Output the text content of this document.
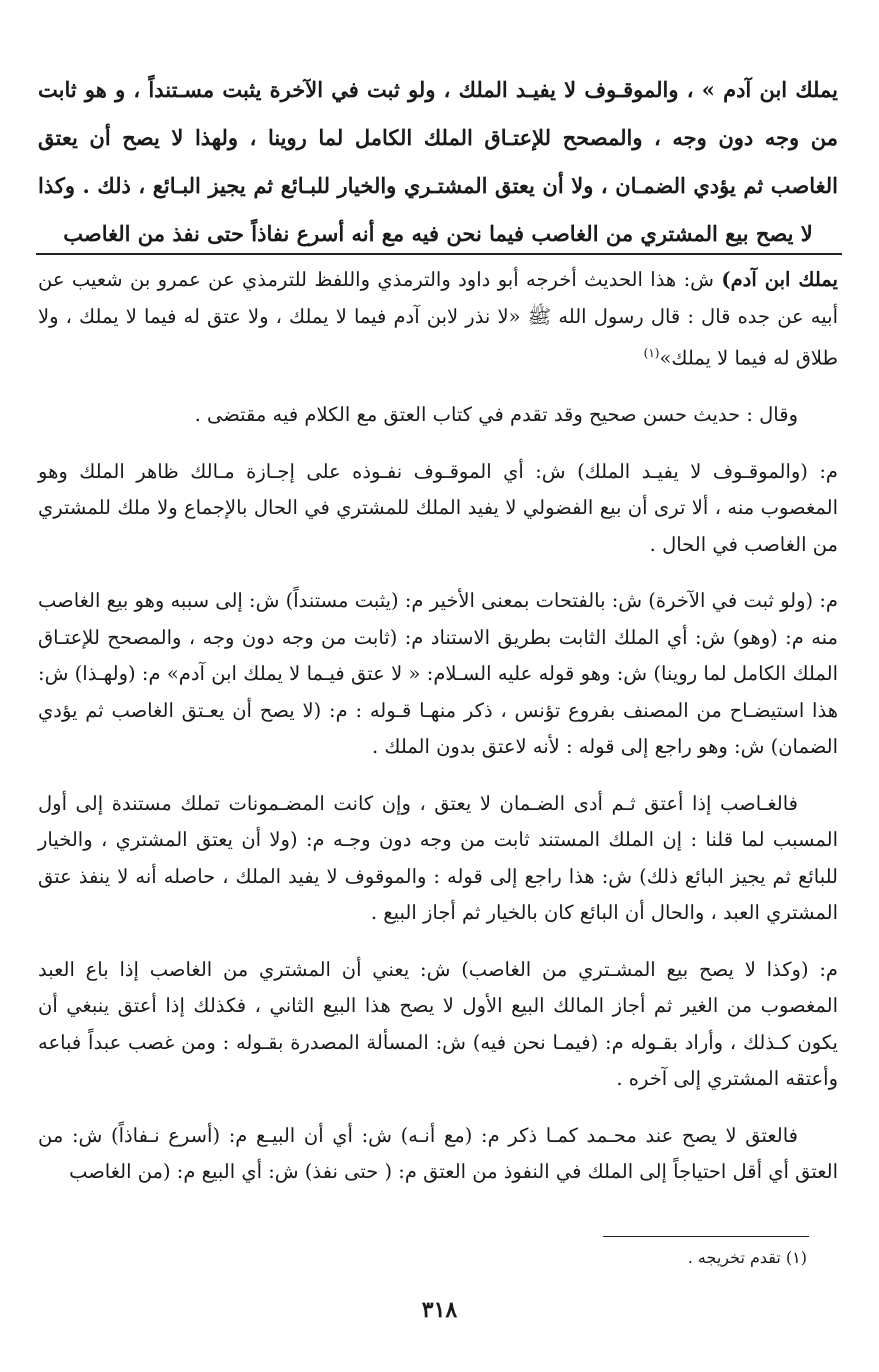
يملك ابن آدم » ، والموقـوف لا يفيـد الملك ، ولو ثبت في الآخرة يثبت مسـتنداً ، و هو ثابت من وجه دون وجه ، والمصحح للإعتـاق الملك الكامل لما روينا ، ولهذا لا يصح أن يعتق الغاصب ثم يؤدي الضمـان ، ولا أن يعتق المشتـري والخيار للبـائع ثم يجيز البـائع ، ذلك . وكذا لا يصح بيع المشتري من الغاصب فيما نحن فيه مع أنه أسرع نفاذاً حتى نفذ من الغاصب

يملك ابن آدم) ش: هذا الحديث أخرجه أبو داود والترمذي واللفظ للترمذي عن عمرو بن شعيب عن أبيه عن جده قال : قال رسول الله ﷺ «لا نذر لابن آدم فيما لا يملك ، ولا عتق له فيما لا يملك ، ولا طلاق له فيما لا يملك»$^{(١)}$

وقال : حديث حسن صحيح وقد تقدم في كتاب العتق مع الكلام فيه مقتضى .

م: (والموقـوف لا يفيـد الملك) ش: أي الموقـوف نفـوذه على إجـازة مـالك ظاهر الملك وهو المغصوب منه ، ألا ترى أن بيع الفضولي لا يفيد الملك للمشتري في الحال بالإجماع ولا ملك للمشتري من الغاصب في الحال .

م: (ولو ثبت في الآخرة) ش: بالفتحات بمعنى الأخير م: (يثبت مستنداً) ش: إلى سببه وهو بيع الغاصب منه م: (وهو) ش: أي الملك الثابت بطريق الاستناد م: (ثابت من وجه دون وجه ، والمصحح للإعتـاق الملك الكامل لما روينا) ش: وهو قوله عليه السـلام: « لا عتق فيـما لا يملك ابن آدم» م: (ولهـذا) ش: هذا استيضـاح من المصنف بفروع تؤنس ، ذكر منهـا قـوله : م: (لا يصح أن يعـتق الغاصب ثم يؤدي الضمان) ش: وهو راجع إلى قوله : لأنه لاعتق بدون الملك .

فالغـاصب إذا أعتق ثـم أدى الضـمان لا يعتق ، وإن كانت المضـمونات تملك مستندة إلى أول المسبب لما قلنا : إن الملك المستند ثابت من وجه دون وجـه م: (ولا أن يعتق المشتري ، والخيار للبائع ثم يجيز البائع ذلك) ش: هذا راجع إلى قوله : والموقوف لا يفيد الملك ، حاصله أنه لا ينفذ عتق المشتري العبد ، والحال أن البائع كان بالخيار ثم أجاز البيع .

م: (وكذا لا يصح بيع المشـتري من الغاصب) ش: يعني أن المشتري من الغاصب إذا باع العبد المغصوب من الغير ثم أجاز المالك البيع الأول لا يصح هذا البيع الثاني ، فكذلك إذا أعتق ينبغي أن يكون كـذلك ، وأراد بقـوله م: (فيمـا نحن فيه) ش: المسألة المصدرة بقـوله : ومن غصب عبداً فباعه وأعتقه المشتري إلى آخره .

فالعتق لا يصح عند محـمد كمـا ذكر م: (مع أنـه) ش: أي أن البيـع م: (أسرع نـفاذاً) ش: من العتق أي أقل احتياجاً إلى الملك في النفوذ من العتق م: ( حتى نفذ) ش: أي البيع م: (من الغاصب

(١) تقدم تخريجه .
٣١٨
